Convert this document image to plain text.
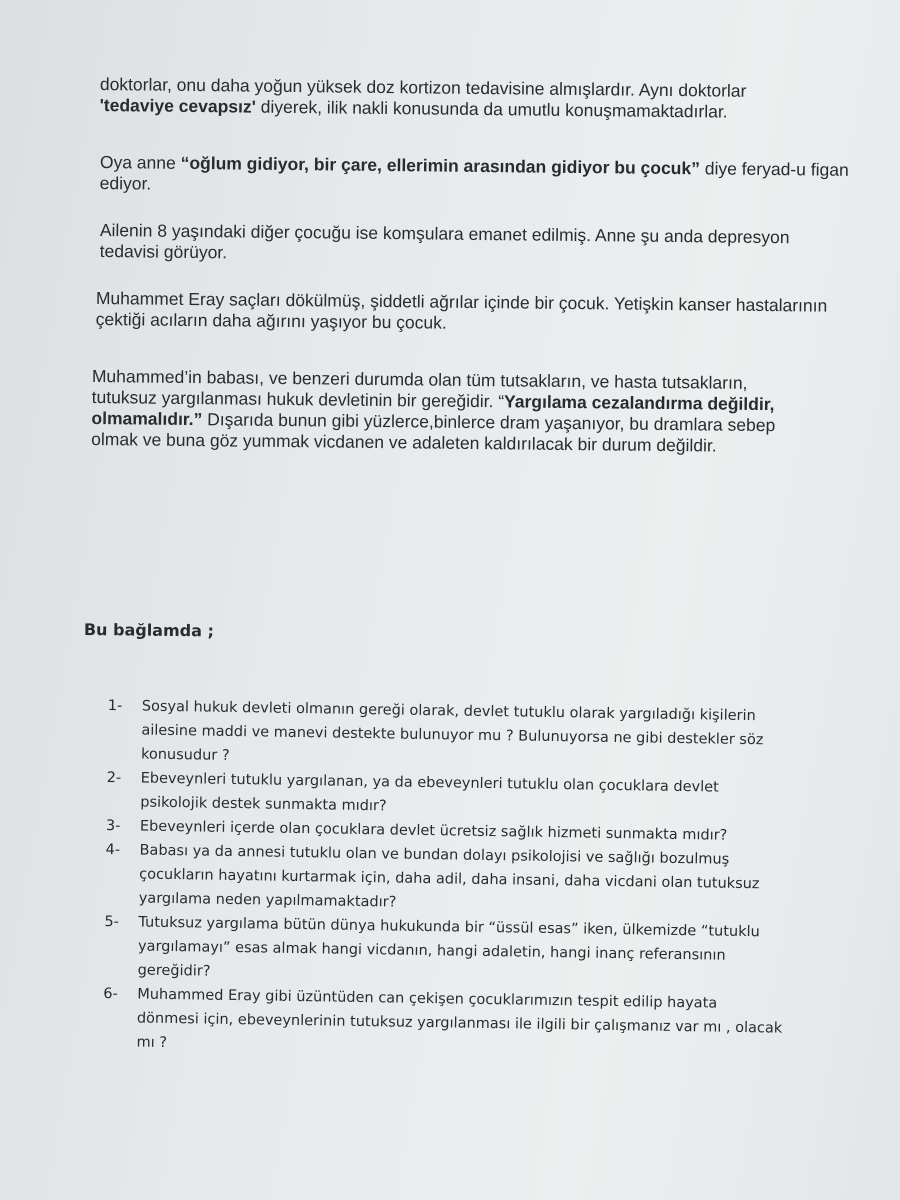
doktorlar, onu daha yoğun yüksek doz kortizon tedavisine almışlardır. Aynı doktorlar
'tedaviye cevapsız' diyerek, ilik nakli konusunda da umutlu konuşmamaktadırlar.
Oya anne “oğlum gidiyor, bir çare, ellerimin arasından gidiyor bu çocuk” diye feryad-u figan ediyor.
Ailenin 8 yaşındaki diğer çocuğu ise komşulara emanet edilmiş. Anne şu anda depresyon tedavisi görüyor.
Muhammet Eray saçları dökülmüş, şiddetli ağrılar içinde bir çocuk. Yetişkin kanser hastalarının çektiği acıların daha ağırını yaşıyor bu çocuk.
Muhammed’in babası, ve benzeri durumda olan tüm tutsakların, ve hasta tutsakların, tutuksuz yargılanması hukuk devletinin bir gereğidir. “Yargılama cezalandırma değildir, olmamalıdır.” Dışarıda bunun gibi yüzlerce,binlerce dram yaşanıyor, bu dramlara sebep olmak ve buna göz yummak vicdanen ve adaleten kaldırılacak bir durum değildir.
Bu bağlamda ;
1-	Sosyal hukuk devleti olmanın gereği olarak, devlet tutuklu olarak yargıladığı kişilerin ailesine maddi ve manevi destekte bulunuyor mu ? Bulunuyorsa ne gibi destekler söz konusudur ?
2-	Ebeveynleri tutuklu yargılanan, ya da ebeveynleri tutuklu olan çocuklara devlet psikolojik destek sunmakta mıdır?
3-	Ebeveynleri içerde olan çocuklara devlet ücretsiz sağlık hizmeti sunmakta mıdır?
4-	Babası ya da annesi tutuklu olan ve bundan dolayı psikolojisi ve sağlığı bozulmuş çocukların hayatını kurtarmak için, daha adil, daha insani, daha vicdani olan tutuksuz yargılama neden yapılmamaktadır?
5-	Tutuksuz yargılama bütün dünya hukukunda bir “üssül esas” iken, ülkemizde “tutuklu yargılamayı” esas almak hangi vicdanın, hangi adaletin, hangi inanç referansının gereğidir?
6-	Muhammed Eray gibi üzüntüden can çekişen çocuklarımızın tespit edilip hayata dönmesi için, ebeveynlerinin tutuksuz yargılanması ile ilgili bir çalışmanız var mı , olacak mı ?
